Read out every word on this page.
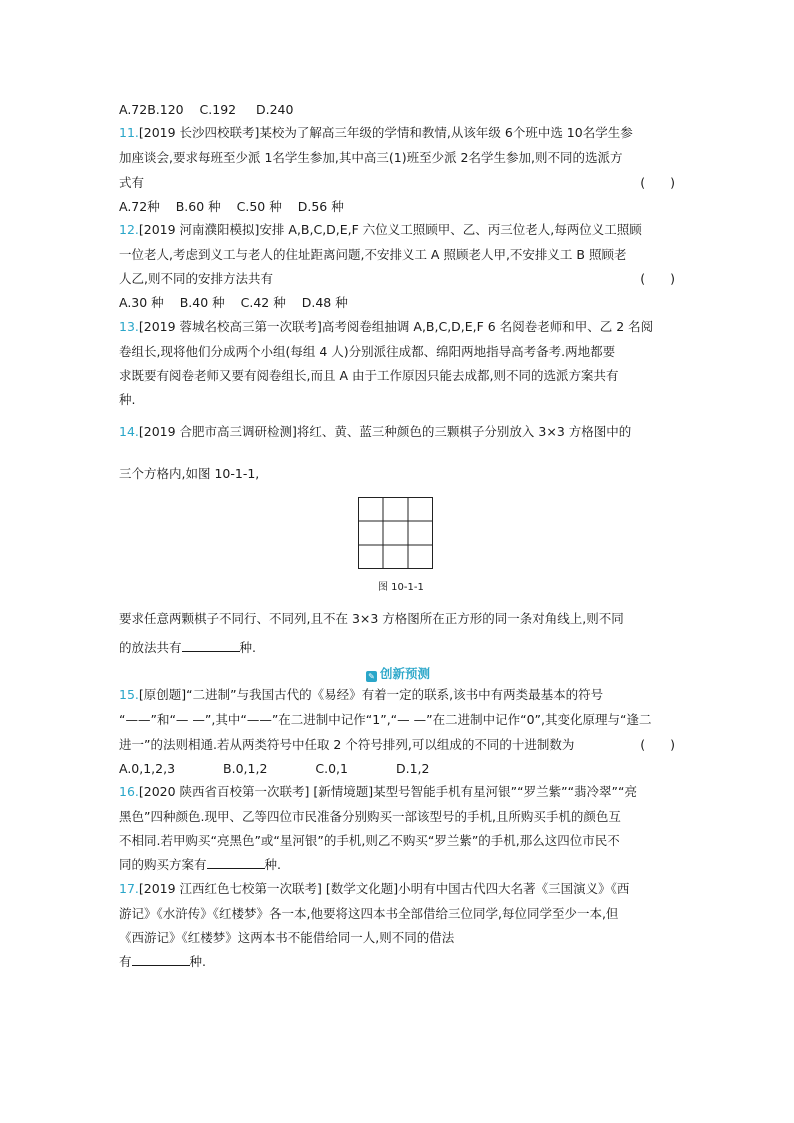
A.72B.120 C.192 D.240
11.[2019 长沙四校联考]某校为了解高三年级的学情和教情,从该年级 6个班中选 10名学生参
加座谈会,要求每班至少派 1名学生参加,其中高三(1)班至少派 2名学生参加,则不同的选派方
式有	(　　)
A.72种 B.60 种 C.50 种 D.56 种
12.[2019 河南濮阳模拟]安排 A,B,C,D,E,F 六位义工照顾甲、乙、丙三位老人,每两位义工照顾
一位老人,考虑到义工与老人的住址距离问题,不安排义工 A 照顾老人甲,不安排义工 B 照顾老
人乙,则不同的安排方法共有	(　　)
A.30 种 B.40 种 C.42 种 D.48 种
13.[2019 蓉城名校高三第一次联考]高考阅卷组抽调 A,B,C,D,E,F 6 名阅卷老师和甲、乙 2 名阅
卷组长,现将他们分成两个小组(每组 4 人)分别派往成都、绵阳两地指导高考备考.两地都要
求既要有阅卷老师又要有阅卷组长,而且 A 由于工作原因只能去成都,则不同的选派方案共有
种.
14.[2019 合肥市高三调研检测]将红、黄、蓝三种颜色的三颗棋子分别放入 3×3 方格图中的
三个方格内,如图 10-1-1,
图 10-1-1
要求任意两颗棋子不同行、不同列,且不在 3×3 方格图所在正方形的同一条对角线上,则不同
的放法共有	种.
✎ 创新预测
15.[原创题]“二进制”与我国古代的《易经》有着一定的联系,该书中有两类最基本的符号
“——”和“— —”,其中“——”在二进制中记作“1”,“— —”在二进制中记作“0”,其变化原理与“逢二
进一”的法则相通.若从两类符号中任取 2 个符号排列,可以组成的不同的十进制数为	(　　)
A.0,1,2,3	B.0,1,2	C.0,1	D.1,2
16.[2020 陕西省百校第一次联考] [新情境题]某型号智能手机有星河银”“罗兰紫”“翡冷翠”“亮
黑色”四种颜色.现甲、乙等四位市民准备分别购买一部该型号的手机,且所购买手机的颜色互
不相同.若甲购买“亮黑色”或“星河银”的手机,则乙不购买“罗兰紫”的手机,那么这四位市民不
同的购买方案有	种.
17.[2019 江西红色七校第一次联考] [数学文化题]小明有中国古代四大名著《三国演义》《西
游记》《水浒传》《红楼梦》各一本,他要将这四本书全部借给三位同学,每位同学至少一本,但
《西游记》《红楼梦》这两本书不能借给同一人,则不同的借法
有	种.
